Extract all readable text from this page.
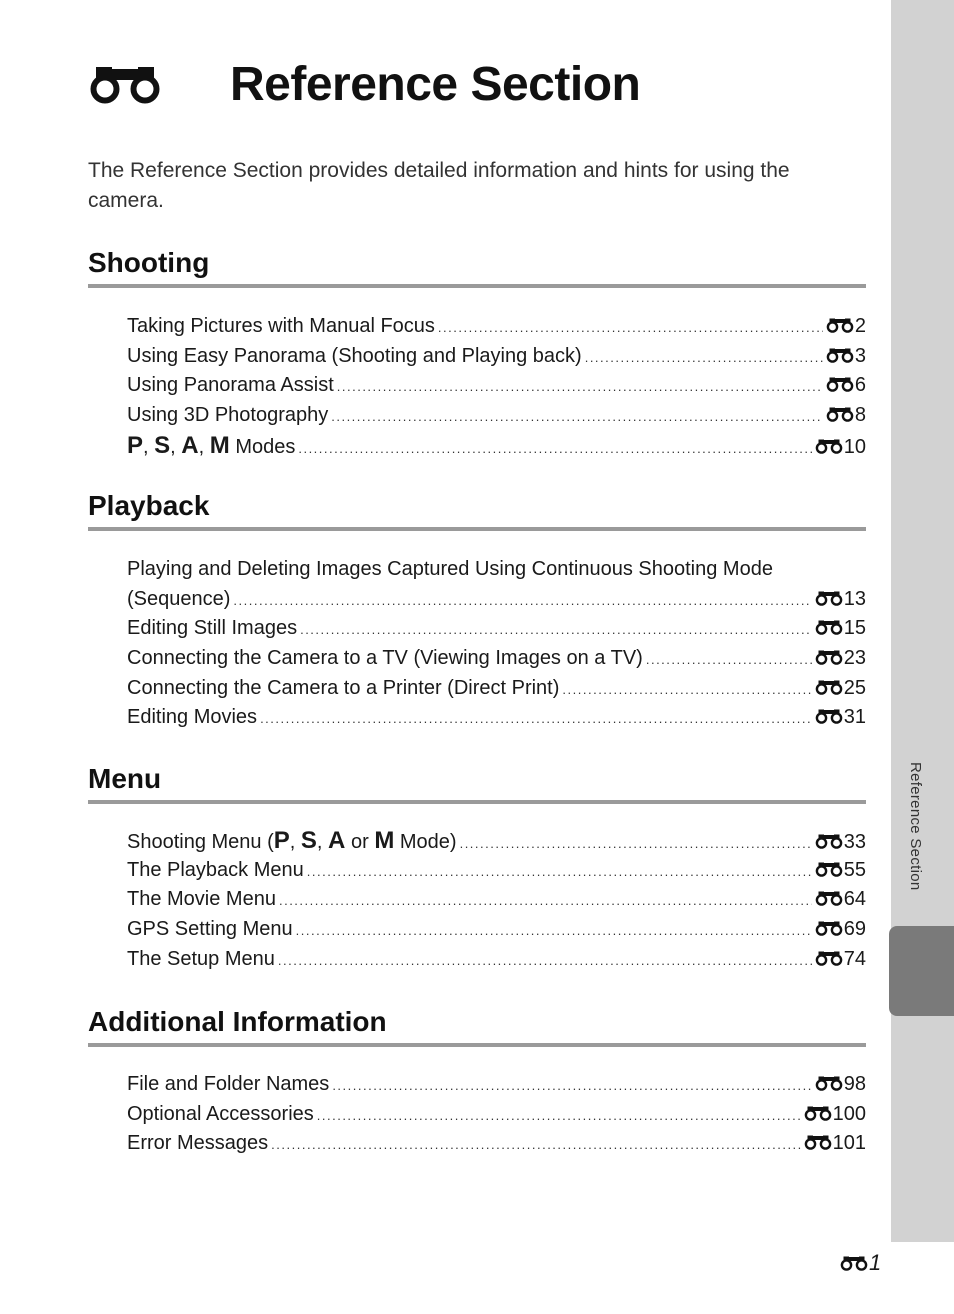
Reference Section
Reference Section
The Reference Section provides detailed information and hints for using the camera.
Shooting
Taking Pictures with Manual Focus .....	2
Using Easy Panorama (Shooting and Playing back) .....	3
Using Panorama Assist .....	6
Using 3D Photography .....	8
P, S, A, M Modes .....	10
Playback
Playing and Deleting Images Captured Using Continuous Shooting Mode
(Sequence) .....	13
Editing Still Images .....	15
Connecting the Camera to a TV (Viewing Images on a TV) .....	23
Connecting the Camera to a Printer (Direct Print) .....	25
Editing Movies .....	31
Menu
Shooting Menu (P, S, A or M Mode) .....	33
The Playback Menu .....	55
The Movie Menu .....	64
GPS Setting Menu .....	69
The Setup Menu .....	74
Additional Information
File and Folder Names .....	98
Optional Accessories .....	100
Error Messages .....	101
1
